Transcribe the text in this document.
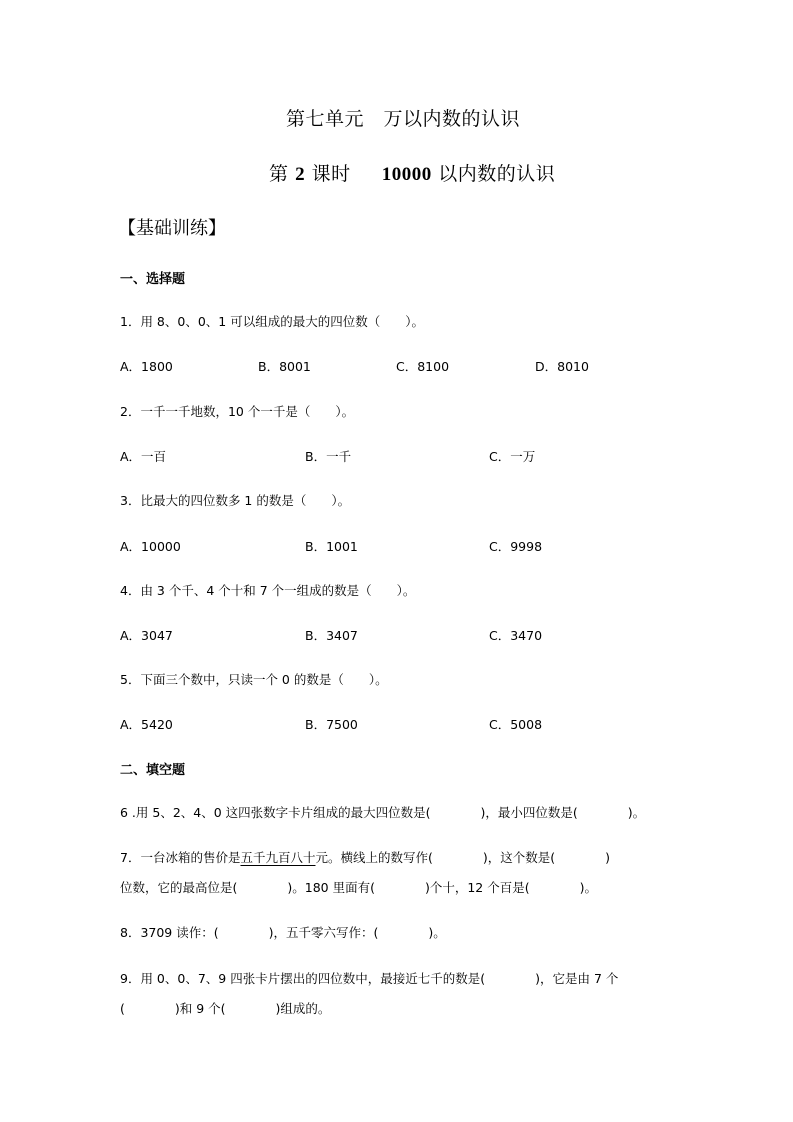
第七单元　万以内数的认识
第 2 课时 10000 以内数的认识
【基础训练】
一、选择题
1．用 8、0、0、1 可以组成的最大的四位数（　　）。
A．1800	B．8001	C．8100	D．8010
2．一千一千地数，10 个一千是（　　）。
A．一百	B．一千	C．一万
3．比最大的四位数多 1 的数是（　　）。
A．10000	B．1001	C．9998
4．由 3 个千、4 个十和 7 个一组成的数是（　　）。
A．3047	B．3407	C．3470
5．下面三个数中，只读一个 0 的数是（　　）。
A．5420	B．7500	C．5008
二、填空题
6 .用 5、2、4、0 这四张数字卡片组成的最大四位数是(　　　　)，最小四位数是(　　　　)。
7．一台冰箱的售价是五千九百八十元。横线上的数写作(　　　　)，这个数是(　　　　)
位数，它的最高位是(　　　　)。180 里面有(　　　　)个十，12 个百是(　　　　)。
8．3709 读作：(　　　　)，五千零六写作：(　　　　)。
9．用 0、0、7、9 四张卡片摆出的四位数中，最接近七千的数是(　　　　)，它是由 7 个
(　　　　)和 9 个(　　　　)组成的。
